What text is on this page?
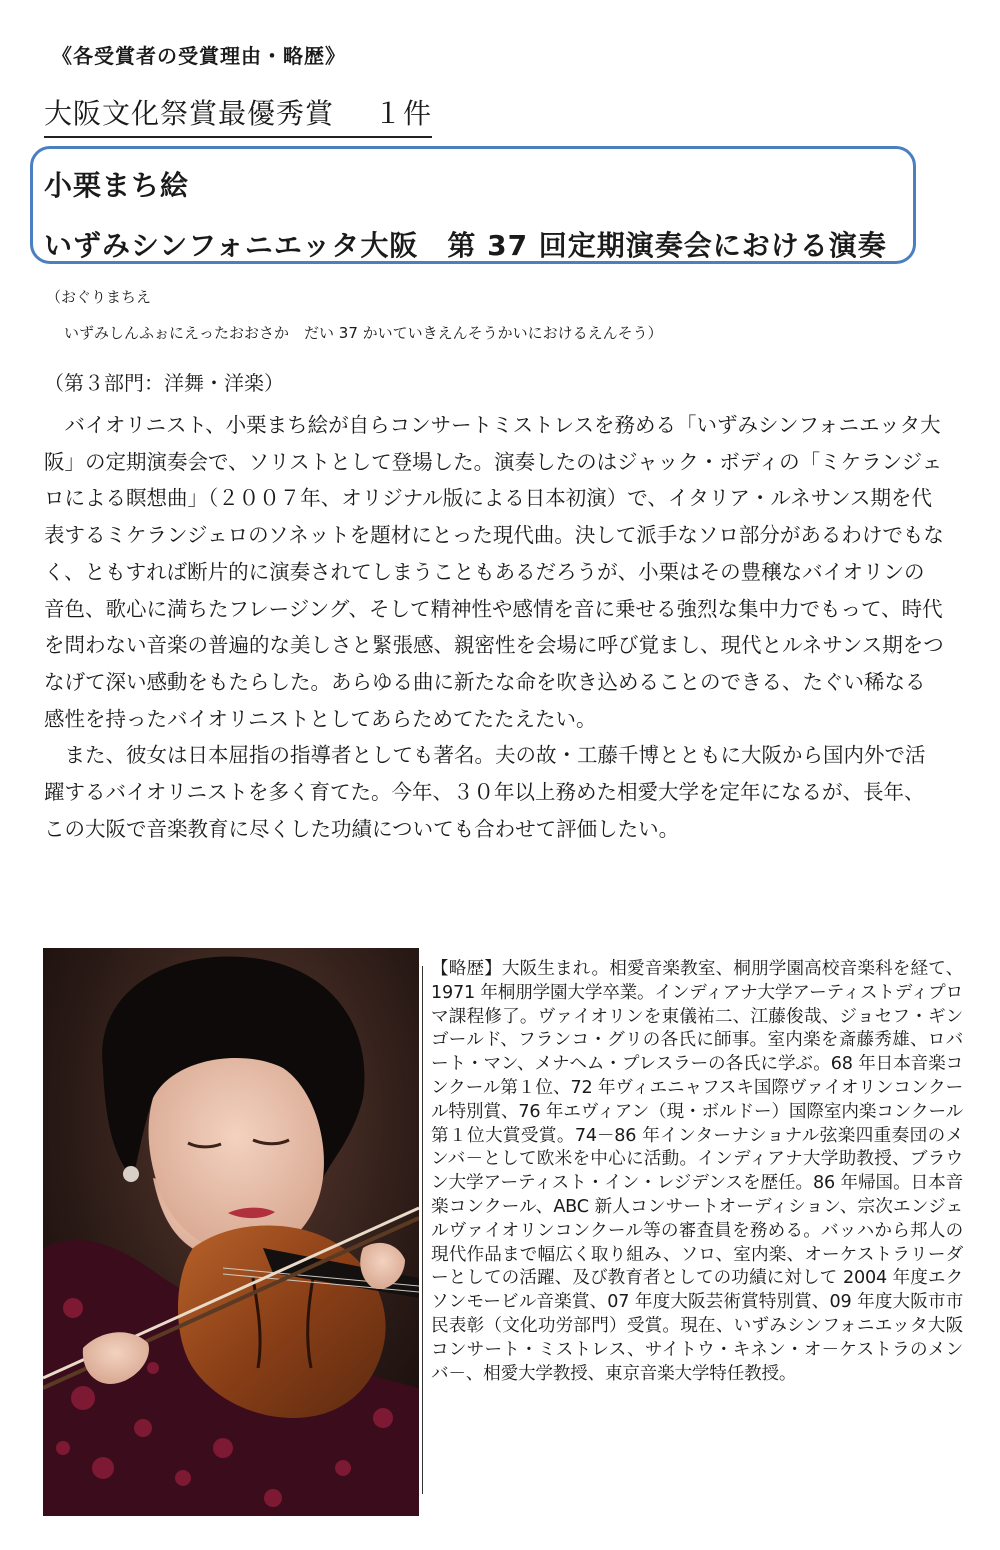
《各受賞者の受賞理由・略歴》
大阪文化祭賞最優秀賞 １件
小栗まち絵
いずみシンフォニエッタ大阪　第 37 回定期演奏会における演奏
（おぐりまちえ
いずみしんふぉにえったおおさか　だい 37 かいていきえんそうかいにおけるえんそう）
（第３部門：洋舞・洋楽）

バイオリニスト、小栗まち絵が自らコンサートミストレスを務める「いずみシンフォニエッタ大阪」の定期演奏会で、ソリストとして登場した。演奏したのはジャック・ボディの「ミケランジェロによる瞑想曲」（２００７年、オリジナル版による日本初演）で、イタリア・ルネサンス期を代表するミケランジェロのソネットを題材にとった現代曲。決して派手なソロ部分があるわけでもなく、ともすれば断片的に演奏されてしまうこともあるだろうが、小栗はその豊穣なバイオリンの音色、歌心に満ちたフレージング、そして精神性や感情を音に乗せる強烈な集中力でもって、時代を問わない音楽の普遍的な美しさと緊張感、親密性を会場に呼び覚まし、現代とルネサンス期をつなげて深い感動をもたらした。あらゆる曲に新たな命を吹き込めることのできる、たぐい稀なる感性を持ったバイオリニストとしてあらためてたたえたい。

また、彼女は日本屈指の指導者としても著名。夫の故・工藤千博とともに大阪から国内外で活躍するバイオリニストを多く育てた。今年、３０年以上務めた相愛大学を定年になるが、長年、この大阪で音楽教育に尽くした功績についても合わせて評価したい。

【略歴】大阪生まれ。相愛音楽教室、桐朋学園高校音楽科を経て、1971 年桐朋学園大学卒業。インディアナ大学アーティストディプロマ課程修了。ヴァイオリンを東儀祐二、江藤俊哉、ジョセフ・ギンゴールド、フランコ・グリの各氏に師事。室内楽を斎藤秀雄、ロバート・マン、メナヘム・プレスラーの各氏に学ぶ。68 年日本音楽コンクール第１位、72 年ヴィエニャフスキ国際ヴァイオリンコンクール特別賞、76 年エヴィアン（現・ボルドー）国際室内楽コンクール第１位大賞受賞。74－86 年インターナショナル弦楽四重奏団のメンバ－として欧米を中心に活動。インディアナ大学助教授、ブラウン大学アーティスト・イン・レジデンスを歴任。86 年帰国。日本音楽コンクール、ABC 新人コンサートオーディション、宗次エンジェルヴァイオリンコンクール等の審査員を務める。バッハから邦人の現代作品まで幅広く取り組み、ソロ、室内楽、オーケストラリーダーとしての活躍、及び教育者としての功績に対して 2004 年度エクソンモービル音楽賞、07 年度大阪芸術賞特別賞、09 年度大阪市市民表彰（文化功労部門）受賞。現在、いずみシンフォニエッタ大阪コンサート・ミストレス、サイトウ・キネン・オ－ケストラのメンバ－、相愛大学教授、東京音楽大学特任教授。
